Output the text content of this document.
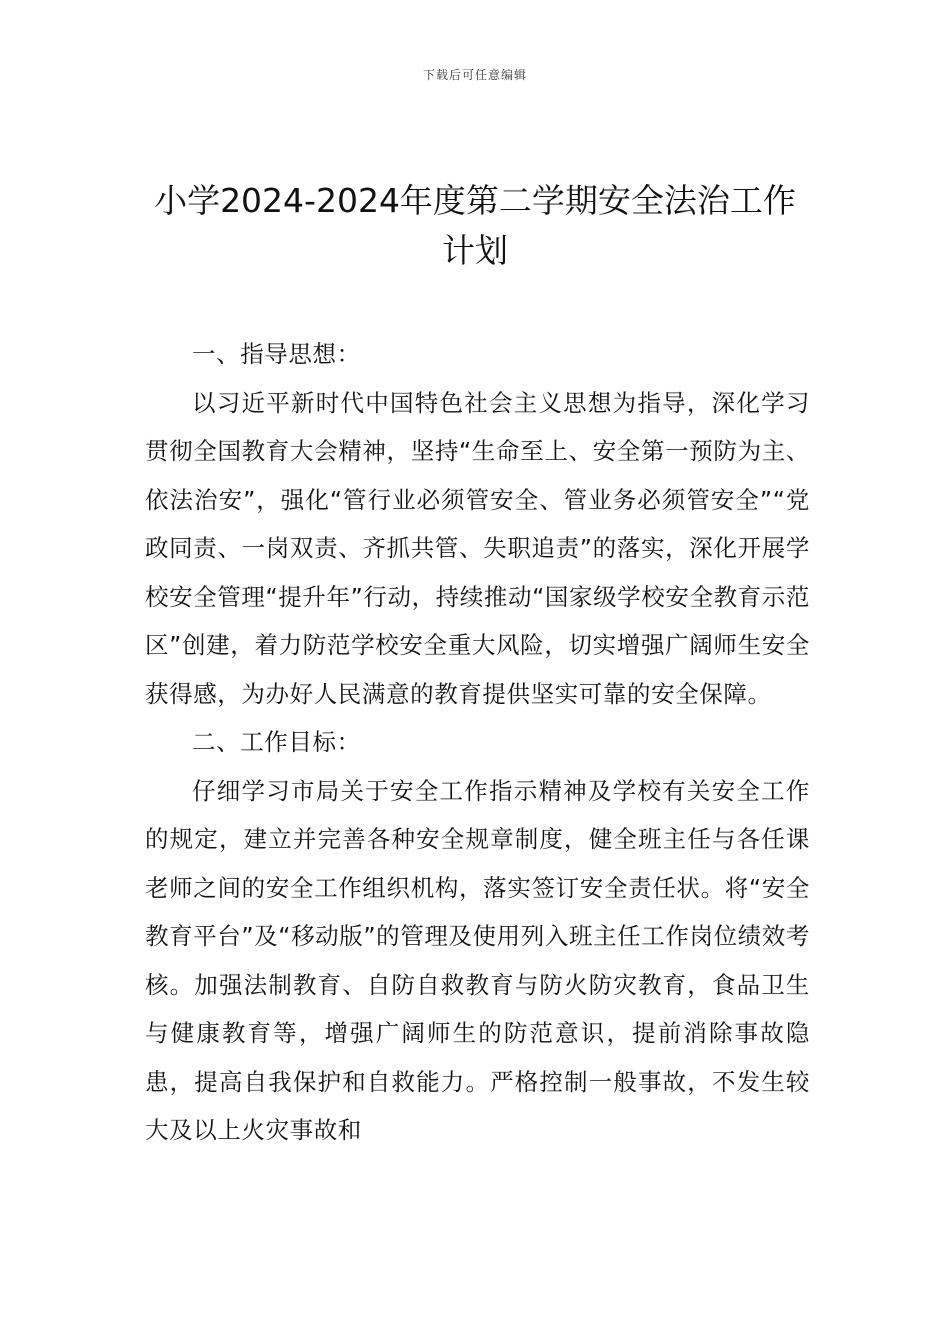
下载后可任意编辑
小学2024-2024年度第二学期安全法治工作计划

一、指导思想：

以习近平新时代中国特色社会主义思想为指导，深化学习贯彻全国教育大会精神，坚持“生命至上、安全第一预防为主、依法治安”，强化“管行业必须管安全、管业务必须管安全”“党政同责、一岗双责、齐抓共管、失职追责”的落实，深化开展学校安全管理“提升年”行动，持续推动“国家级学校安全教育示范区”创建，着力防范学校安全重大风险，切实增强广阔师生安全获得感，为办好人民满意的教育提供坚实可靠的安全保障。

二、工作目标：

仔细学习市局关于安全工作指示精神及学校有关安全工作的规定，建立并完善各种安全规章制度，健全班主任与各任课老师之间的安全工作组织机构，落实签订安全责任状。将“安全教育平台”及“移动版”的管理及使用列入班主任工作岗位绩效考核。加强法制教育、自防自救教育与防火防灾教育，食品卫生与健康教育等，增强广阔师生的防范意识，提前消除事故隐患，提高自我保护和自救能力。严格控制一般事故，不发生较大及以上火灾事故和
